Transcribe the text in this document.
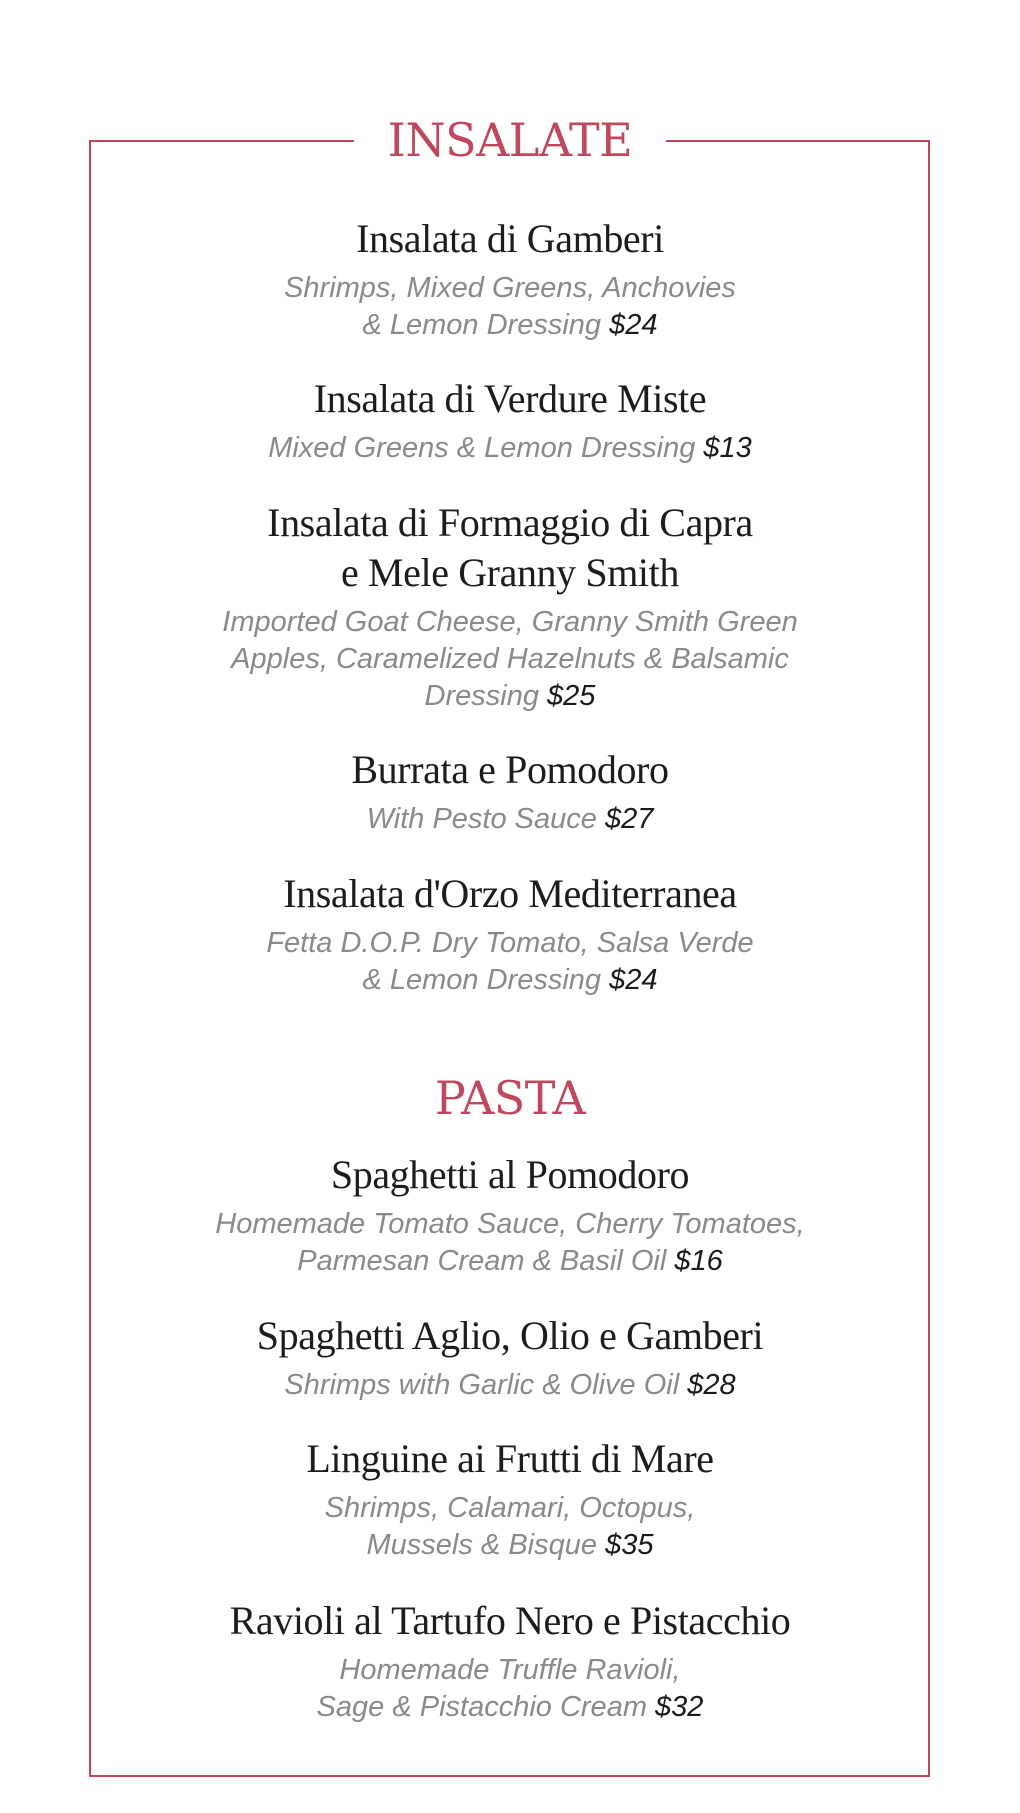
INSALATE
Insalata di Gamberi
Shrimps, Mixed Greens, Anchovies
& Lemon Dressing $24
Insalata di Verdure Miste
Mixed Greens & Lemon Dressing $13
Insalata di Formaggio di Capra
e Mele Granny Smith
Imported Goat Cheese, Granny Smith Green
Apples, Caramelized Hazelnuts & Balsamic
Dressing $25
Burrata e Pomodoro
With Pesto Sauce $27
Insalata d'Orzo Mediterranea
Fetta D.O.P. Dry Tomato, Salsa Verde
& Lemon Dressing $24
PASTA
Spaghetti al Pomodoro
Homemade Tomato Sauce, Cherry Tomatoes,
Parmesan Cream & Basil Oil $16
Spaghetti Aglio, Olio e Gamberi
Shrimps with Garlic & Olive Oil $28
Linguine ai Frutti di Mare
Shrimps, Calamari, Octopus,
Mussels & Bisque $35
Ravioli al Tartufo Nero e Pistacchio
Homemade Truffle Ravioli,
Sage & Pistacchio Cream $32
